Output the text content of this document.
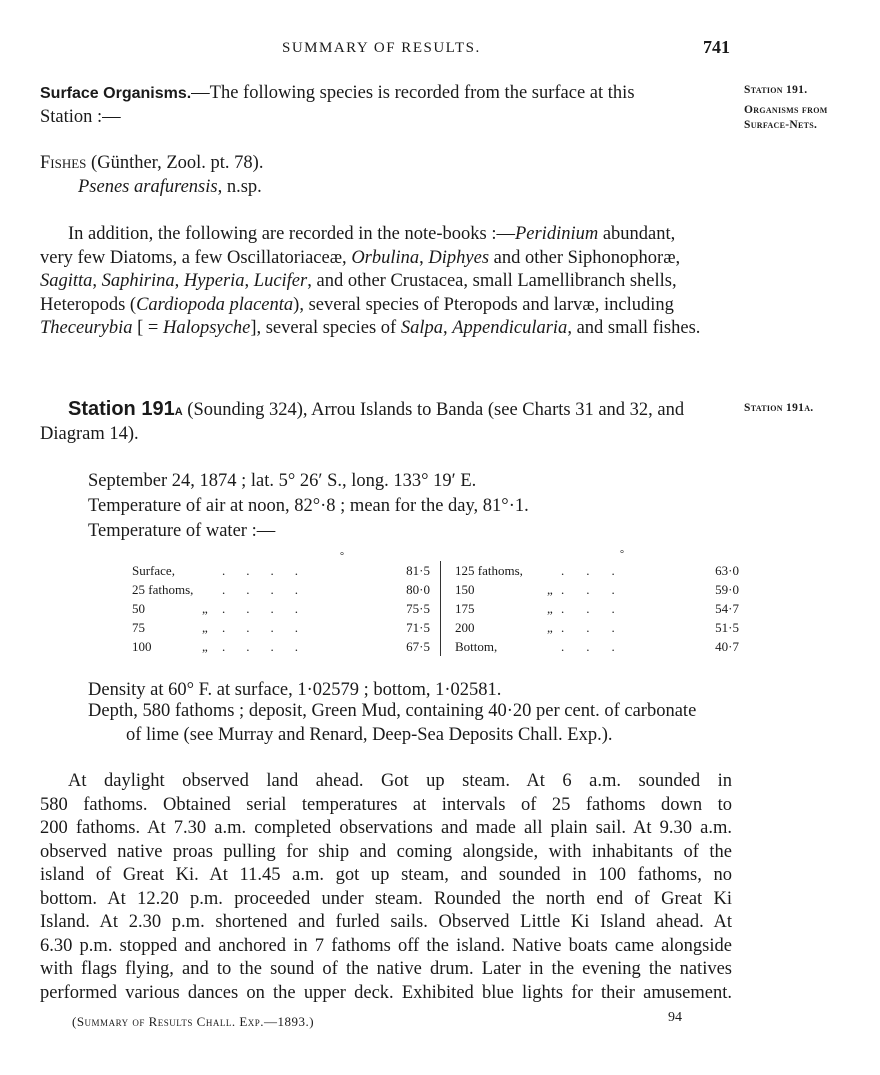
SUMMARY OF RESULTS.	741
Station 191.
Organisms from
Surface-Nets.
Station 191a.
Surface Organisms.—The following species is recorded from the surface at this
Station :—
Fishes (Günther, Zool. pt. 78).
Psenes arafurensis, n.sp.
In addition, the following are recorded in the note-books :—Peridinium abundant,
very few Diatoms, a few Oscillatoriaceæ, Orbulina, Diphyes and other Siphonophoræ,
Sagitta, Saphirina, Hyperia, Lucifer, and other Crustacea, small Lamellibranch shells,
Heteropods (Cardiopoda placenta), several species of Pteropods and larvæ, including
Theceurybia [ = Halopsyche], several species of Salpa, Appendicularia, and small fishes.
Station 191a (Sounding 324), Arrou Islands to Banda (see Charts 31 and 32, and
Diagram 14).
September 24, 1874 ; lat. 5° 26′ S., long. 133° 19′ E.
Temperature of air at noon, 82°·8 ; mean for the day, 81°·1.
Temperature of water :—
°	°
Surface,		....	81·5		125 fathoms,		...	63·0
25 fathoms,		....	80·0		150	„	...	59·0
50	„	....	75·5		175	„	...	54·7
75	„	....	71·5		200	„	...	51·5
100	„	....	67·5		Bottom,		...	40·7
Density at 60° F. at surface, 1·02579 ; bottom, 1·02581.
Depth, 580 fathoms ; deposit, Green Mud, containing 40·20 per cent. of carbonate
of lime (see Murray and Renard, Deep-Sea Deposits Chall. Exp.).
At daylight observed land ahead. Got up steam. At 6 a.m. sounded in
580 fathoms. Obtained serial temperatures at intervals of 25 fathoms down to
200 fathoms. At 7.30 a.m. completed observations and made all plain sail. At 9.30 a.m.
observed native proas pulling for ship and coming alongside, with inhabitants of the
island of Great Ki. At 11.45 a.m. got up steam, and sounded in 100 fathoms, no
bottom. At 12.20 p.m. proceeded under steam. Rounded the north end of Great Ki
Island. At 2.30 p.m. shortened and furled sails. Observed Little Ki Island ahead. At
6.30 p.m. stopped and anchored in 7 fathoms off the island. Native boats came alongside
with flags flying, and to the sound of the native drum. Later in the evening the natives
performed various dances on the upper deck. Exhibited blue lights for their amusement.
(Summary of Results Chall. Exp.—1893.)	94
